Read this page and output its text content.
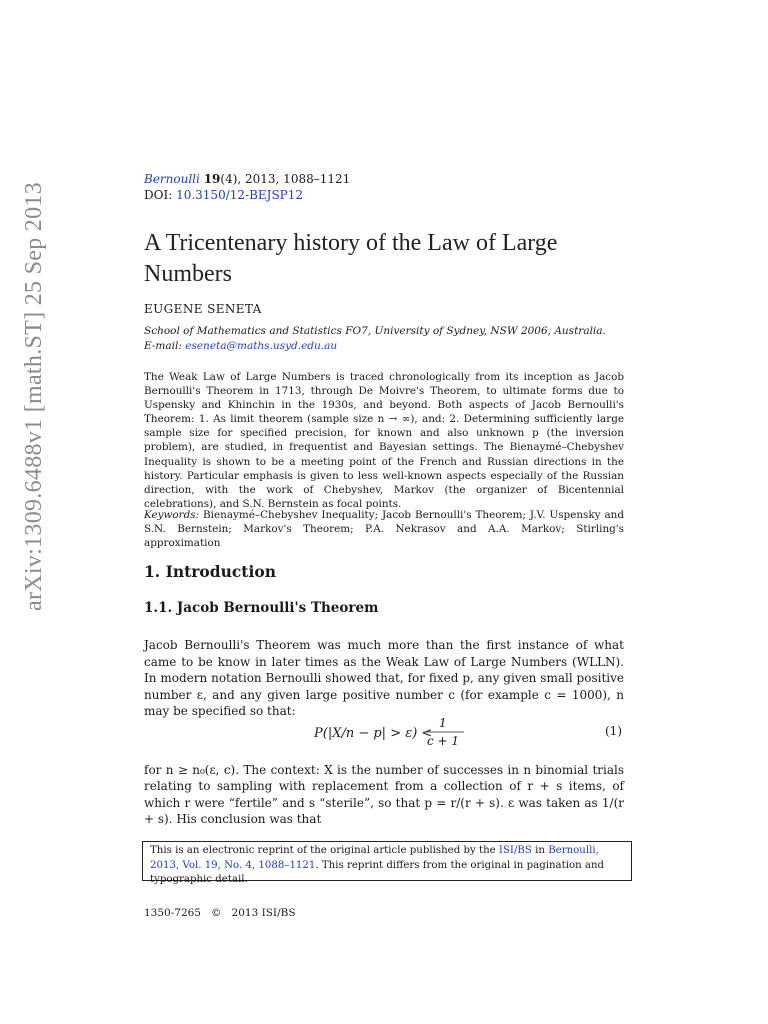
arXiv:1309.6488v1 [math.ST] 25 Sep 2013
Bernoulli 19(4), 2013, 1088–1121
DOI: 10.3150/12-BEJSP12
A Tricentenary history of the Law of Large Numbers
EUGENE SENETA
School of Mathematics and Statistics FO7, University of Sydney, NSW 2006, Australia.
E-mail: eseneta@maths.usyd.edu.au
The Weak Law of Large Numbers is traced chronologically from its inception as Jacob Bernoulli's Theorem in 1713, through De Moivre's Theorem, to ultimate forms due to Uspensky and Khinchin in the 1930s, and beyond. Both aspects of Jacob Bernoulli's Theorem: 1. As limit theorem (sample size n → ∞), and: 2. Determining sufficiently large sample size for specified precision, for known and also unknown p (the inversion problem), are studied, in frequentist and Bayesian settings. The Bienaymé–Chebyshev Inequality is shown to be a meeting point of the French and Russian directions in the history. Particular emphasis is given to less well-known aspects especially of the Russian direction, with the work of Chebyshev, Markov (the organizer of Bicentennial celebrations), and S.N. Bernstein as focal points.
Keywords: Bienaymé–Chebyshev Inequality; Jacob Bernoulli's Theorem; J.V. Uspensky and S.N. Bernstein; Markov's Theorem; P.A. Nekrasov and A.A. Markov; Stirling's approximation
1. Introduction
1.1. Jacob Bernoulli's Theorem
Jacob Bernoulli's Theorem was much more than the first instance of what came to be know in later times as the Weak Law of Large Numbers (WLLN). In modern notation Bernoulli showed that, for fixed p, any given small positive number ε, and any given large positive number c (for example c = 1000), n may be specified so that:
P(|X/n − p| > ε) <
1
c + 1
(1)
for n ≥ n₀(ε, c). The context: X is the number of successes in n binomial trials relating to sampling with replacement from a collection of r + s items, of which r were “fertile” and s “sterile”, so that p = r/(r + s). ε was taken as 1/(r + s). His conclusion was that
This is an electronic reprint of the original article published by the ISI/BS in Bernoulli, 2013, Vol. 19, No. 4, 1088–1121. This reprint differs from the original in pagination and typographic detail.
1350-7265 © 2013 ISI/BS
